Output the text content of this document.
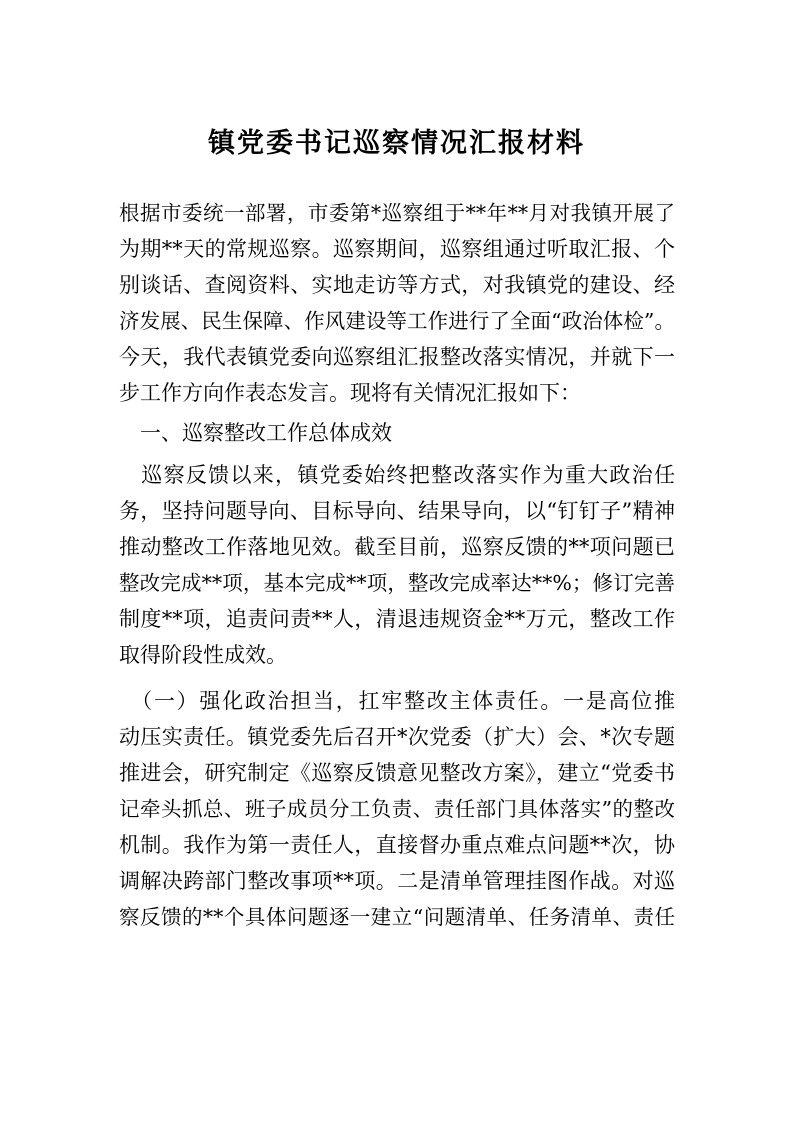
镇党委书记巡察情况汇报材料
根据市委统一部署，市委第*巡察组于**年**月对我镇开展了
为期**天的常规巡察。巡察期间，巡察组通过听取汇报、个
别谈话、查阅资料、实地走访等方式，对我镇党的建设、经
济发展、民生保障、作风建设等工作进行了全面“政治体检”。
今天，我代表镇党委向巡察组汇报整改落实情况，并就下一
步工作方向作表态发言。现将有关情况汇报如下：
　一、巡察整改工作总体成效
　巡察反馈以来，镇党委始终把整改落实作为重大政治任
务，坚持问题导向、目标导向、结果导向，以“钉钉子”精神
推动整改工作落地见效。截至目前，巡察反馈的**项问题已
整改完成**项，基本完成**项，整改完成率达**%；修订完善
制度**项，追责问责**人，清退违规资金**万元，整改工作
取得阶段性成效。
　（一）强化政治担当，扛牢整改主体责任。一是高位推
动压实责任。镇党委先后召开*次党委（扩大）会、*次专题
推进会，研究制定《巡察反馈意见整改方案》，建立“党委书
记牵头抓总、班子成员分工负责、责任部门具体落实”的整改
机制。我作为第一责任人，直接督办重点难点问题**次，协
调解决跨部门整改事项**项。二是清单管理挂图作战。对巡
察反馈的**个具体问题逐一建立“问题清单、任务清单、责任
